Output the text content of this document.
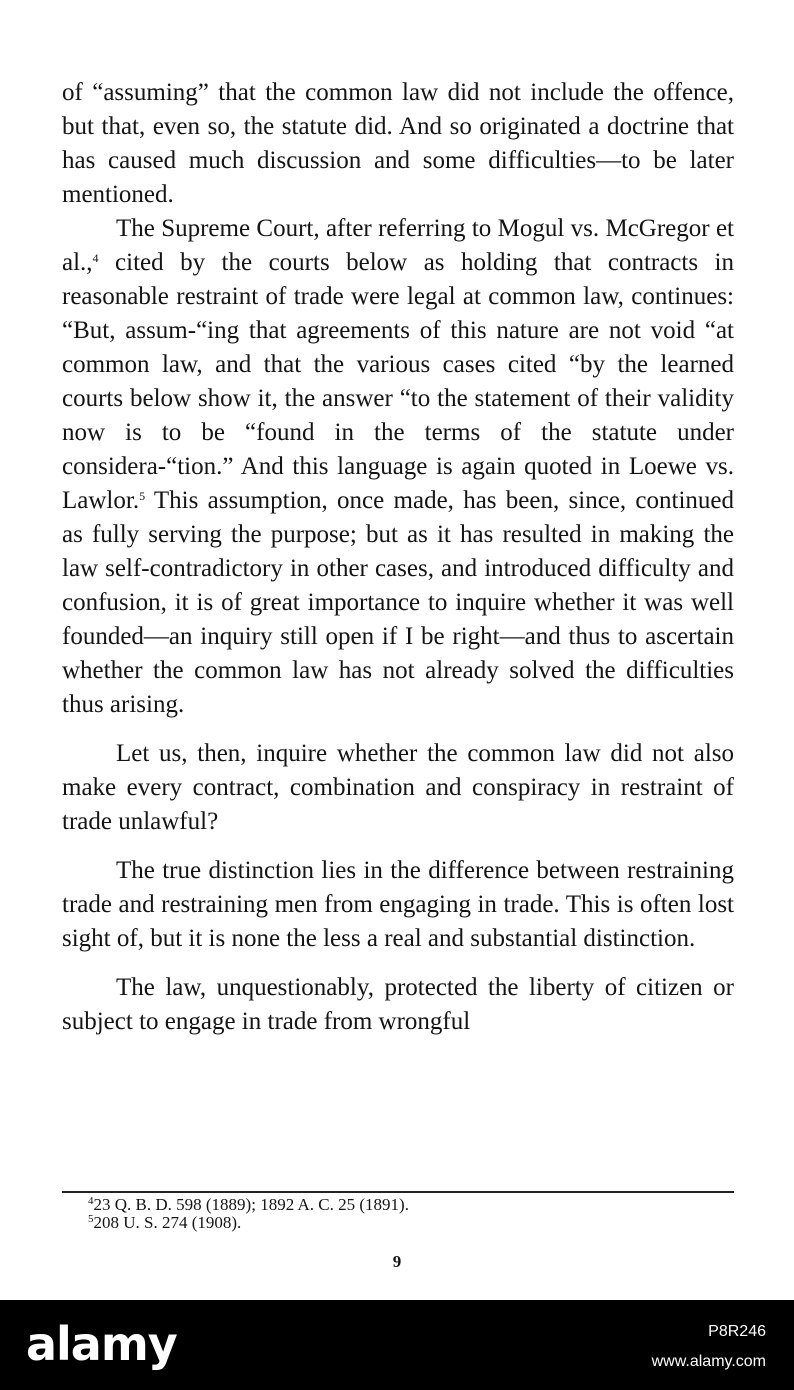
of “assuming” that the common law did not include the offence, but that, even so, the statute did. And so originated a doctrine that has caused much discussion and some difficulties—to be later mentioned.

The Supreme Court, after referring to Mogul vs. McGregor et al.,$^4$ cited by the courts below as holding that contracts in reasonable restraint of trade were legal at common law, continues: “But, assum-“ing that agreements of this nature are not void “at common law, and that the various cases cited “by the learned courts below show it, the answer “to the statement of their validity now is to be “found in the terms of the statute under considera-“tion.” And this language is again quoted in Loewe vs. Lawlor.$^5$ This assumption, once made, has been, since, continued as fully serving the purpose; but as it has resulted in making the law self-contradictory in other cases, and introduced difficulty and confusion, it is of great importance to inquire whether it was well founded—an inquiry still open if I be right—and thus to ascertain whether the common law has not already solved the difficulties thus arising.

Let us, then, inquire whether the common law did not also make every contract, combination and conspiracy in restraint of trade unlawful?

The true distinction lies in the difference between restraining trade and restraining men from engaging in trade. This is often lost sight of, but it is none the less a real and substantial distinction.

The law, unquestionably, protected the liberty of citizen or subject to engage in trade from wrongful

$^4$23 Q. B. D. 598 (1889); 1892 A. C. 25 (1891).

$^5$208 U. S. 274 (1908).

9
alamy	P8R246
www.alamy.com
